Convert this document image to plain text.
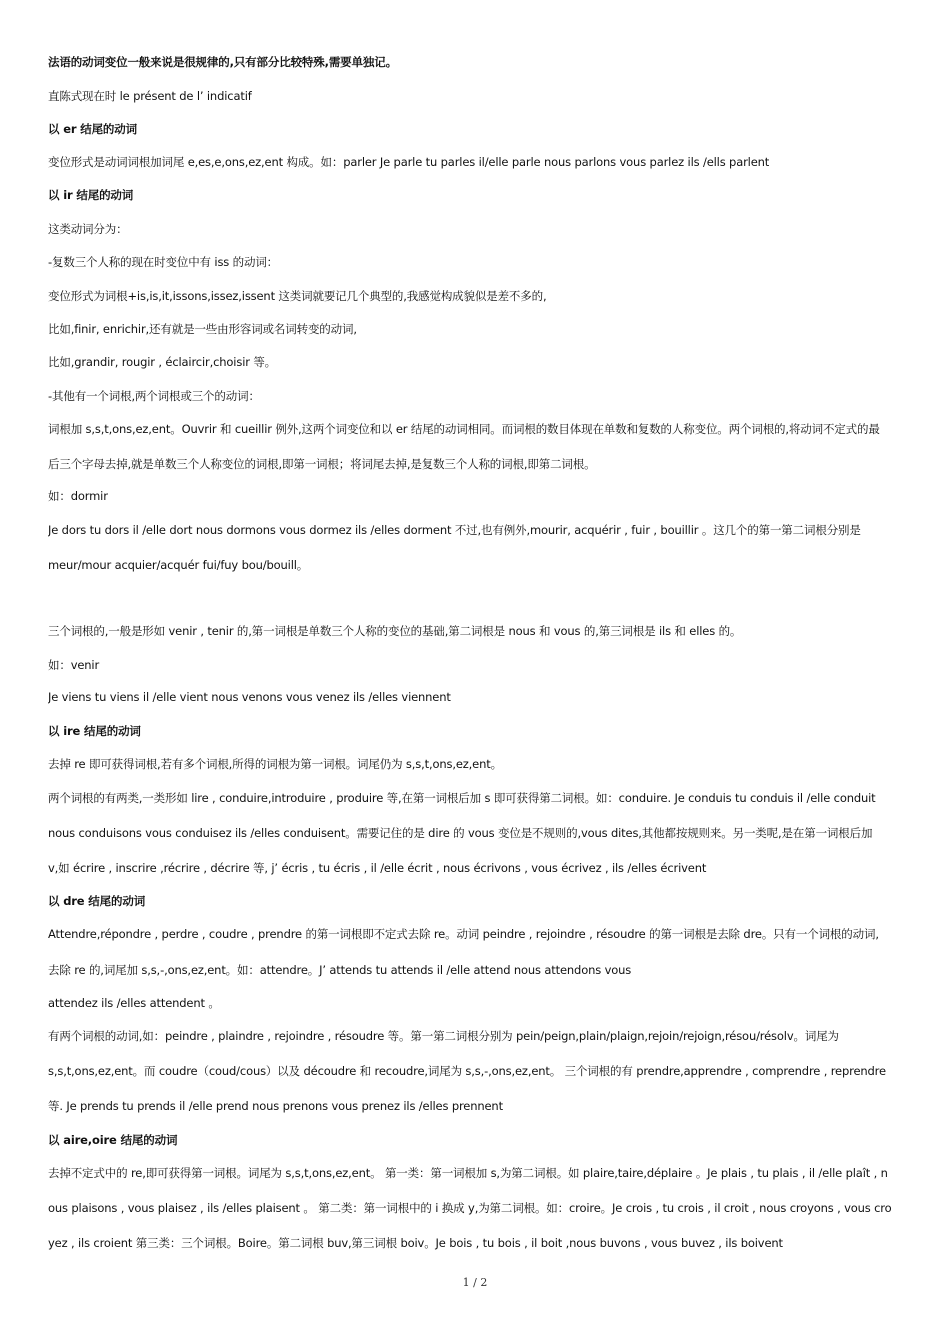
法语的动词变位一般来说是很规律的,只有部分比较特殊,需要单独记。
直陈式现在时 le présent de l’ indicatif
以 er 结尾的动词
变位形式是动词词根加词尾 e,es,e,ons,ez,ent 构成。如：parler Je parle tu parles il/elle parle nous parlons vous parlez ils /ells parlent
以 ir 结尾的动词
这类动词分为：
-复数三个人称的现在时变位中有 iss 的动词：
变位形式为词根+is,is,it,issons,issez,issent 这类词就要记几个典型的,我感觉构成貌似是差不多的,
比如,finir, enrichir,还有就是一些由形容词或名词转变的动词,
比如,grandir, rougir , éclaircir,choisir 等。
-其他有一个词根,两个词根或三个的动词：
词根加 s,s,t,ons,ez,ent。Ouvrir 和 cueillir 例外,这两个词变位和以 er 结尾的动词相同。而词根的数目体现在单数和复数的人称变位。两个词根的,将动词不定式的最
后三个字母去掉,就是单数三个人称变位的词根,即第一词根；将词尾去掉,是复数三个人称的词根,即第二词根。
如：dormir
Je dors tu dors il /elle dort nous dormons vous dormez ils /elles dorment 不过,也有例外,mourir, acquérir , fuir , bouillir 。这几个的第一第二词根分别是
meur/mour acquier/acquér fui/fuy bou/bouill。
三个词根的,一般是形如 venir , tenir 的,第一词根是单数三个人称的变位的基础,第二词根是 nous 和 vous 的,第三词根是 ils 和 elles 的。
如：venir
Je viens tu viens il /elle vient nous venons vous venez ils /elles viennent
以 ire 结尾的动词
去掉 re 即可获得词根,若有多个词根,所得的词根为第一词根。词尾仍为 s,s,t,ons,ez,ent。
两个词根的有两类,一类形如 lire , conduire,introduire , produire 等,在第一词根后加 s 即可获得第二词根。如：conduire. Je conduis tu conduis il /elle conduit
nous conduisons vous conduisez ils /elles conduisent。需要记住的是 dire 的 vous 变位是不规则的,vous dites,其他都按规则来。另一类呢,是在第一词根后加
v,如 écrire , inscrire ,récrire , décrire 等, j’ écris , tu écris , il /elle écrit , nous écrivons , vous écrivez , ils /elles écrivent
以 dre 结尾的动词
Attendre,répondre , perdre , coudre , prendre 的第一词根即不定式去除 re。动词 peindre , rejoindre , résoudre 的第一词根是去除 dre。只有一个词根的动词,
去除 re 的,词尾加 s,s,-,ons,ez,ent。如：attendre。J’ attends tu attends il /elle attend nous attendons vous
attendez ils /elles attendent 。
有两个词根的动词,如：peindre , plaindre , rejoindre , résoudre 等。第一第二词根分别为 pein/peign,plain/plaign,rejoin/rejoign,résou/résolv。词尾为
s,s,t,ons,ez,ent。而 coudre（coud/cous）以及 découdre 和 recoudre,词尾为 s,s,-,ons,ez,ent。 三个词根的有 prendre,apprendre , comprendre , reprendre
等. Je prends tu prends il /elle prend nous prenons vous prenez ils /elles prennent
以 aire,oire 结尾的动词
去掉不定式中的 re,即可获得第一词根。词尾为 s,s,t,ons,ez,ent。 第一类：第一词根加 s,为第二词根。如 plaire,taire,déplaire 。Je plais , tu plais , il /elle plaît , n
ous plaisons , vous plaisez , ils /elles plaisent 。 第二类：第一词根中的 i 换成 y,为第二词根。如：croire。Je crois , tu crois , il croit , nous croyons , vous cro
yez , ils croient 第三类：三个词根。Boire。第二词根 buv,第三词根 boiv。Je bois , tu bois , il boit ,nous buvons , vous buvez , ils boivent
1 / 2
